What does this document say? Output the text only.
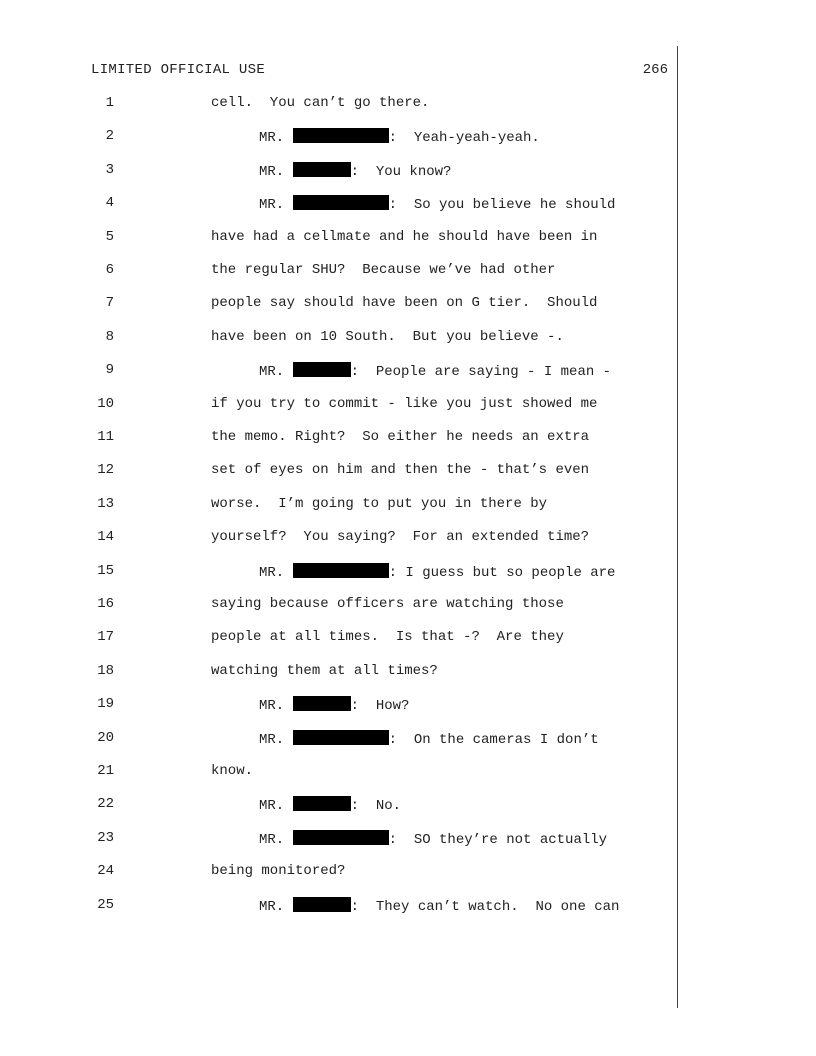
LIMITED OFFICIAL USE	266
1	cell.  You can’t go there.
2	MR.	:  Yeah-yeah-yeah.
3	MR.	:  You know?
4	MR.	:  So you believe he should
5	have had a cellmate and he should have been in
6	the regular SHU?  Because we’ve had other
7	people say should have been on G tier.  Should
8	have been on 10 South.  But you believe -.
9	MR.	:  People are saying - I mean -
10	if you try to commit - like you just showed me
11	the memo. Right?  So either he needs an extra
12	set of eyes on him and then the - that’s even
13	worse.  I’m going to put you in there by
14	yourself?  You saying?  For an extended time?
15	MR.	: I guess but so people are
16	saying because officers are watching those
17	people at all times.  Is that -?  Are they
18	watching them at all times?
19	MR.	:  How?
20	MR.	:  On the cameras I don’t
21	know.
22	MR.	:  No.
23	MR.	:  SO they’re not actually
24	being monitored?
25	MR.	:  They can’t watch.  No one can
